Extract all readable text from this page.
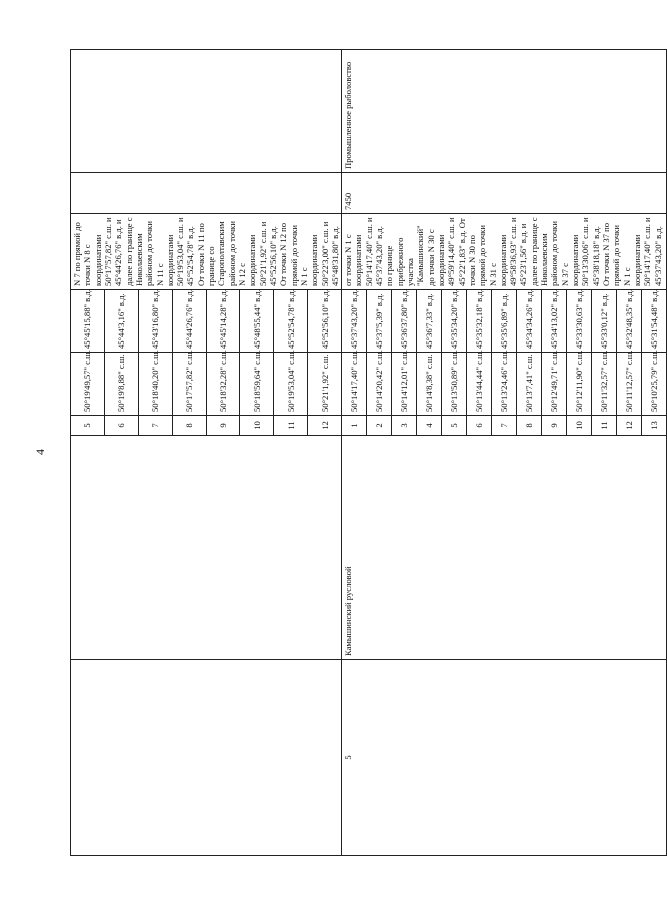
4
		5	50°19'49,57" с.ш.	45°45'15,88" в.д.	N 7 по прямой до точки N 8 с координатами 50°17'57,82" с.ш. и 45°44'26,76" в.д. и далее по границе с Николаевским районом до точки N 11 с координатами 50°19'53,04" с.ш. и 45°52'54,78" в.д. От точки N 11 по границе со Старополтавским районом до точки N 12 с координатами 50°21'1,92" с.ш. и 45°52'56,10" в.д. От точки N 12 по прямой до точки N 1 с координатами 50°22'3,00" с.ш. и 45°48'31,80" в.д.		
		6	50°19'8,88" с.ш.	45°44'3,16" в.д.			
		7	50°18'40,20" с.ш.	45°43'16,80" в.д.			
		8	50°17'57,82" с.ш.	45°44'26,76" в.д.			
		9	50°18'32,28" с.ш.	45°45'14,28" в.д.			
		10	50°18'59,64" с.ш.	45°48'55,44" в.д.			
		11	50°19'53,04" с.ш.	45°52'54,78" в.д.			
		12	50°21'1,92" с.ш.	45°52'56,10" в.д.			
5	Камышинский русловой	1	50°14'17,40" с.ш.	45°37'43,20" в.д.	от точки N 1 с координатами 50°14'17,40" с.ш. и 45°37'43,20" в.д. по границе прибрежного участка "Камышинский" до точки N 30 с координатами 49°59'14,40" с.ш. и 45°22'1,83" в.д. От точки N 30 по прямой до точки N 31 с координатами 49°58'36,93" с.ш. и 45°23'1,56" в.д. и далее по границе с Николаевским районом до точки N 37 с координатами 50°13'30,06" с.ш. и 45°38'18,18" в.д. От точки N 37 по прямой до точки N 1 с координатами 50°14'17,40" с.ш. и 45°37'43,20" в.д.	7450	Промышленное рыболовство
		2	50°14'20,42" с.ш.	45°37'5,39" в.д.			
		3	50°14'12,01" с.ш.	45°36'37,80" в.д.			
		4	50°14'8,38" с.ш.	45°36'7,33" в.д.			
		5	50°13'50,89" с.ш.	45°35'34,20" в.д.			
		6	50°13'44,44" с.ш.	45°35'32,18" в.д.			
		7	50°13'24,46" с.ш.	45°35'6,89" в.д.			
		8	50°13'7,41" с.ш.	45°34'34,26" в.д.			
		9	50°12'49,71" с.ш.	45°34'13,02" в.д.			
		10	50°12'11,90" с.ш.	45°33'30,63" в.д.			
		11	50°11'32,57" с.ш.	45°33'0,12" в.д.			
		12	50°11'12,57" с.ш.	45°32'48,35" в.д.			
		13	50°10'25,79" с.ш.	45°31'54,48" в.д.			
